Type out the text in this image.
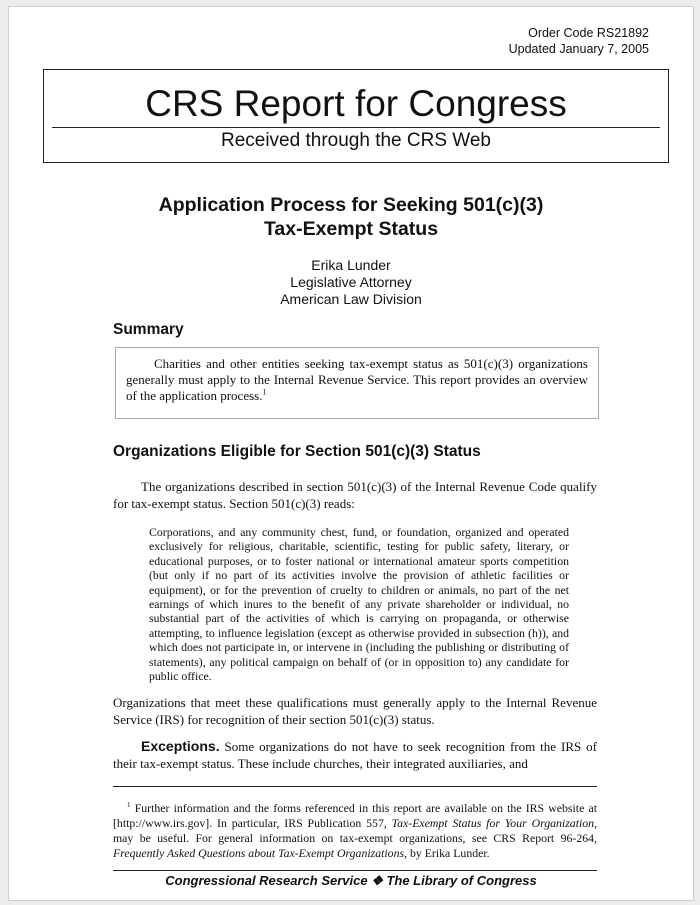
Order Code RS21892
Updated January 7, 2005
CRS Report for Congress
Received through the CRS Web
Application Process for Seeking 501(c)(3)
Tax-Exempt Status
Erika Lunder
Legislative Attorney
American Law Division
Summary

Charities and other entities seeking tax-exempt status as 501(c)(3) organizations generally must apply to the Internal Revenue Service. This report provides an overview of the application process.$^1$

Organizations Eligible for Section 501(c)(3) Status

The organizations described in section 501(c)(3) of the Internal Revenue Code qualify for tax-exempt status. Section 501(c)(3) reads:

Corporations, and any community chest, fund, or foundation, organized and operated exclusively for religious, charitable, scientific, testing for public safety, literary, or educational purposes, or to foster national or international amateur sports competition (but only if no part of its activities involve the provision of athletic facilities or equipment), or for the prevention of cruelty to children or animals, no part of the net earnings of which inures to the benefit of any private shareholder or individual, no substantial part of the activities of which is carrying on propaganda, or otherwise attempting, to influence legislation (except as otherwise provided in subsection (h)), and which does not participate in, or intervene in (including the publishing or distributing of statements), any political campaign on behalf of (or in opposition to) any candidate for public office.

Organizations that meet these qualifications must generally apply to the Internal Revenue Service (IRS) for recognition of their section 501(c)(3) status.

Exceptions. Some organizations do not have to seek recognition from the IRS of their tax-exempt status. These include churches, their integrated auxiliaries, and

$^1$ Further information and the forms referenced in this report are available on the IRS website at [http://www.irs.gov]. In particular, IRS Publication 557, Tax-Exempt Status for Your Organization, may be useful. For general information on tax-exempt organizations, see CRS Report 96-264, Frequently Asked Questions about Tax-Exempt Organizations, by Erika Lunder.

Congressional Research Service ❖ The Library of Congress
